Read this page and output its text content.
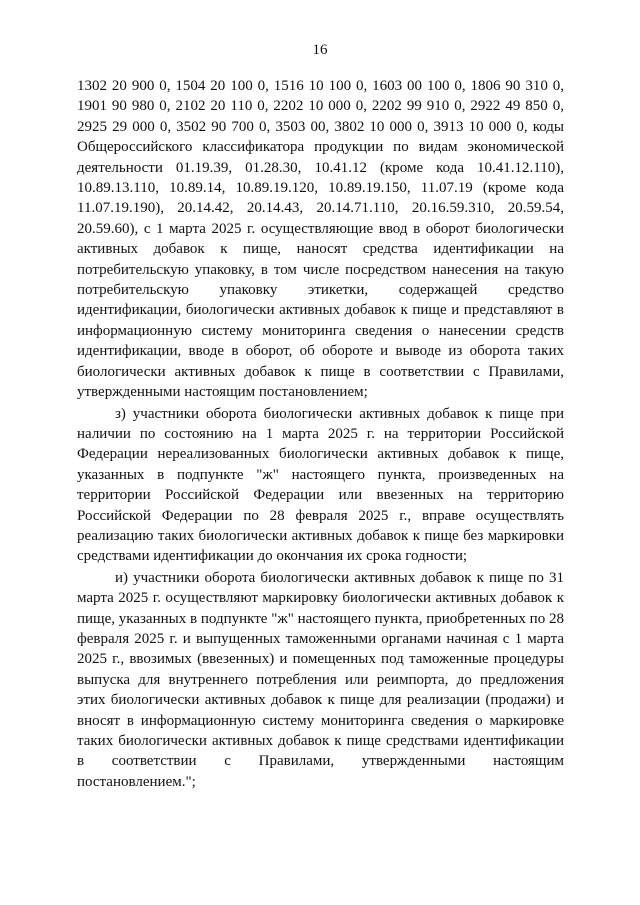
16

1302 20 900 0, 1504 20 100 0, 1516 10 100 0, 1603 00 100 0, 1806 90 310 0, 1901 90 980 0, 2102 20 110 0, 2202 10 000 0, 2202 99 910 0, 2922 49 850 0, 2925 29 000 0, 3502 90 700 0, 3503 00, 3802 10 000 0, 3913 10 000 0, коды Общероссийского классификатора продукции по видам экономической деятельности 01.19.39, 01.28.30, 10.41.12 (кроме кода 10.41.12.110), 10.89.13.110, 10.89.14, 10.89.19.120, 10.89.19.150, 11.07.19 (кроме кода 11.07.19.190), 20.14.42, 20.14.43, 20.14.71.110, 20.16.59.310, 20.59.54, 20.59.60), с 1 марта 2025 г. осуществляющие ввод в оборот биологически активных добавок к пище, наносят средства идентификации на потребительскую упаковку, в том числе посредством нанесения на такую потребительскую упаковку этикетки, содержащей средство идентификации, биологически активных добавок к пище и представляют в информационную систему мониторинга сведения о нанесении средств идентификации, вводе в оборот, об обороте и выводе из оборота таких биологически активных добавок к пище в соответствии с Правилами, утвержденными настоящим постановлением;

з) участники оборота биологически активных добавок к пище при наличии по состоянию на 1 марта 2025 г. на территории Российской Федерации нереализованных биологически активных добавок к пище, указанных в подпункте "ж" настоящего пункта, произведенных на территории Российской Федерации или ввезенных на территорию Российской Федерации по 28 февраля 2025 г., вправе осуществлять реализацию таких биологически активных добавок к пище без маркировки средствами идентификации до окончания их срока годности;

и) участники оборота биологически активных добавок к пище по 31 марта 2025 г. осуществляют маркировку биологически активных добавок к пище, указанных в подпункте "ж" настоящего пункта, приобретенных по 28 февраля 2025 г. и выпущенных таможенными органами начиная с 1 марта 2025 г., ввозимых (ввезенных) и помещенных под таможенные процедуры выпуска для внутреннего потребления или реимпорта, до предложения этих биологически активных добавок к пище для реализации (продажи) и вносят в информационную систему мониторинга сведения о маркировке таких биологически активных добавок к пище средствами идентификации в соответствии с Правилами, утвержденными настоящим постановлением.";
